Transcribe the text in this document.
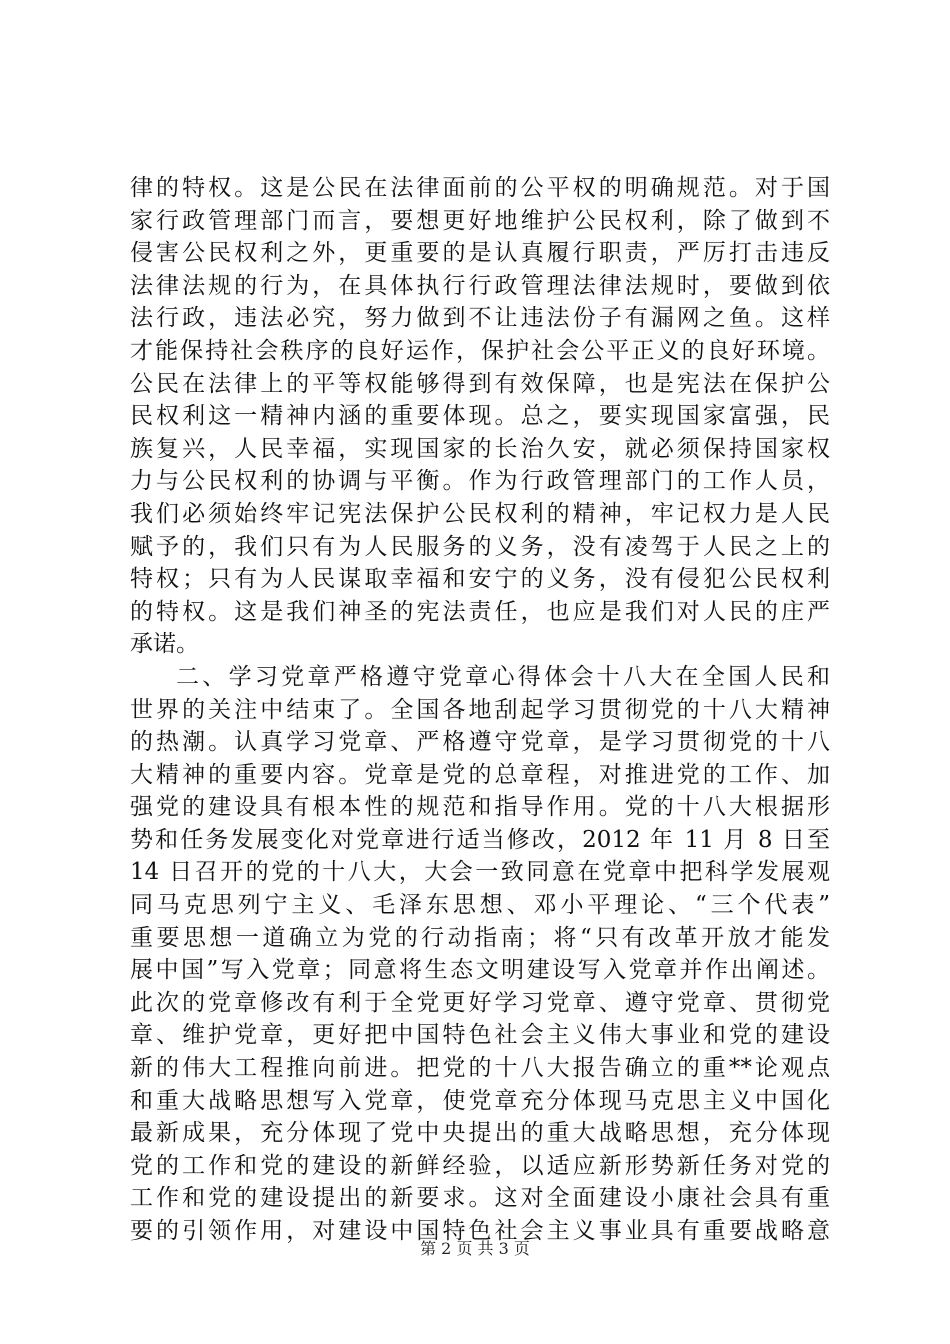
律的特权。这是公民在法律面前的公平权的明确规范。对于国
家行政管理部门而言，要想更好地维护公民权利，除了做到不
侵害公民权利之外，更重要的是认真履行职责，严厉打击违反
法律法规的行为，在具体执行行政管理法律法规时，要做到依
法行政，违法必究，努力做到不让违法份子有漏网之鱼。这样
才能保持社会秩序的良好运作，保护社会公平正义的良好环境。
公民在法律上的平等权能够得到有效保障，也是宪法在保护公
民权利这一精神内涵的重要体现。总之，要实现国家富强，民
族复兴，人民幸福，实现国家的长治久安，就必须保持国家权
力与公民权利的协调与平衡。作为行政管理部门的工作人员，
我们必须始终牢记宪法保护公民权利的精神，牢记权力是人民
赋予的，我们只有为人民服务的义务，没有凌驾于人民之上的
特权；只有为人民谋取幸福和安宁的义务，没有侵犯公民权利
的特权。这是我们神圣的宪法责任，也应是我们对人民的庄严
承诺。
二、学习党章严格遵守党章心得体会十八大在全国人民和
世界的关注中结束了。全国各地刮起学习贯彻党的十八大精神
的热潮。认真学习党章、严格遵守党章，是学习贯彻党的十八
大精神的重要内容。党章是党的总章程，对推进党的工作、加
强党的建设具有根本性的规范和指导作用。党的十八大根据形
势和任务发展变化对党章进行适当修改，2012 年 11 月 8 日至
14 日召开的党的十八大，大会一致同意在党章中把科学发展观
同马克思列宁主义、毛泽东思想、邓小平理论、“三个代表”
重要思想一道确立为党的行动指南；将“只有改革开放才能发
展中国”写入党章；同意将生态文明建设写入党章并作出阐述。
此次的党章修改有利于全党更好学习党章、遵守党章、贯彻党
章、维护党章，更好把中国特色社会主义伟大事业和党的建设
新的伟大工程推向前进。把党的十八大报告确立的重**论观点
和重大战略思想写入党章，使党章充分体现马克思主义中国化
最新成果，充分体现了党中央提出的重大战略思想，充分体现
党的工作和党的建设的新鲜经验，以适应新形势新任务对党的
工作和党的建设提出的新要求。这对全面建设小康社会具有重
要的引领作用，对建设中国特色社会主义事业具有重要战略意
第 2 页 共 3 页
